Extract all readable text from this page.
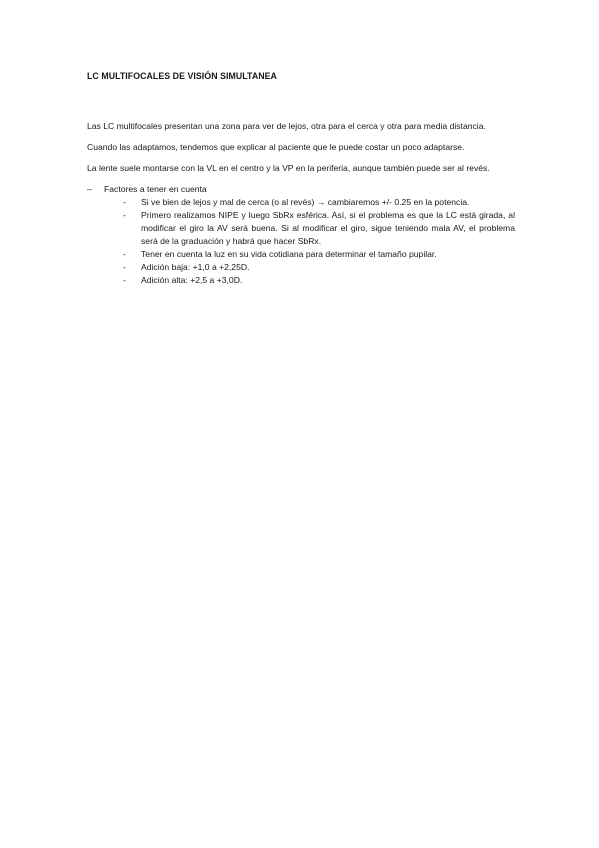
LC MULTIFOCALES DE VISIÓN SIMULTANEA

Las LC multifocales presentan una zona para ver de lejos, otra para el cerca y otra para media distancia.

Cuando las adaptamos, tendemos que explicar al paciente que le puede costar un poco adaptarse.

La lente suele montarse con la VL en el centro y la VP en la periferia, aunque también puede ser al revés.

– Factores a tener en cuenta
- Si ve bien de lejos y mal de cerca (o al revés) → cambiaremos +/- 0.25 en la potencia.
- Primero realizamos NIPE y luego SbRx esférica. Así, si el problema es que la LC está girada, al modificar el giro la AV será buena. Si al modificar el giro, sigue teniendo mala AV, el problema será de la graduación y habrá que hacer SbRx.
- Tener en cuenta la luz en su vida cotidiana para determinar el tamaño pupilar.
- Adición baja: +1,0 a +2,25D.
- Adición alta: +2,5 a +3,0D.
